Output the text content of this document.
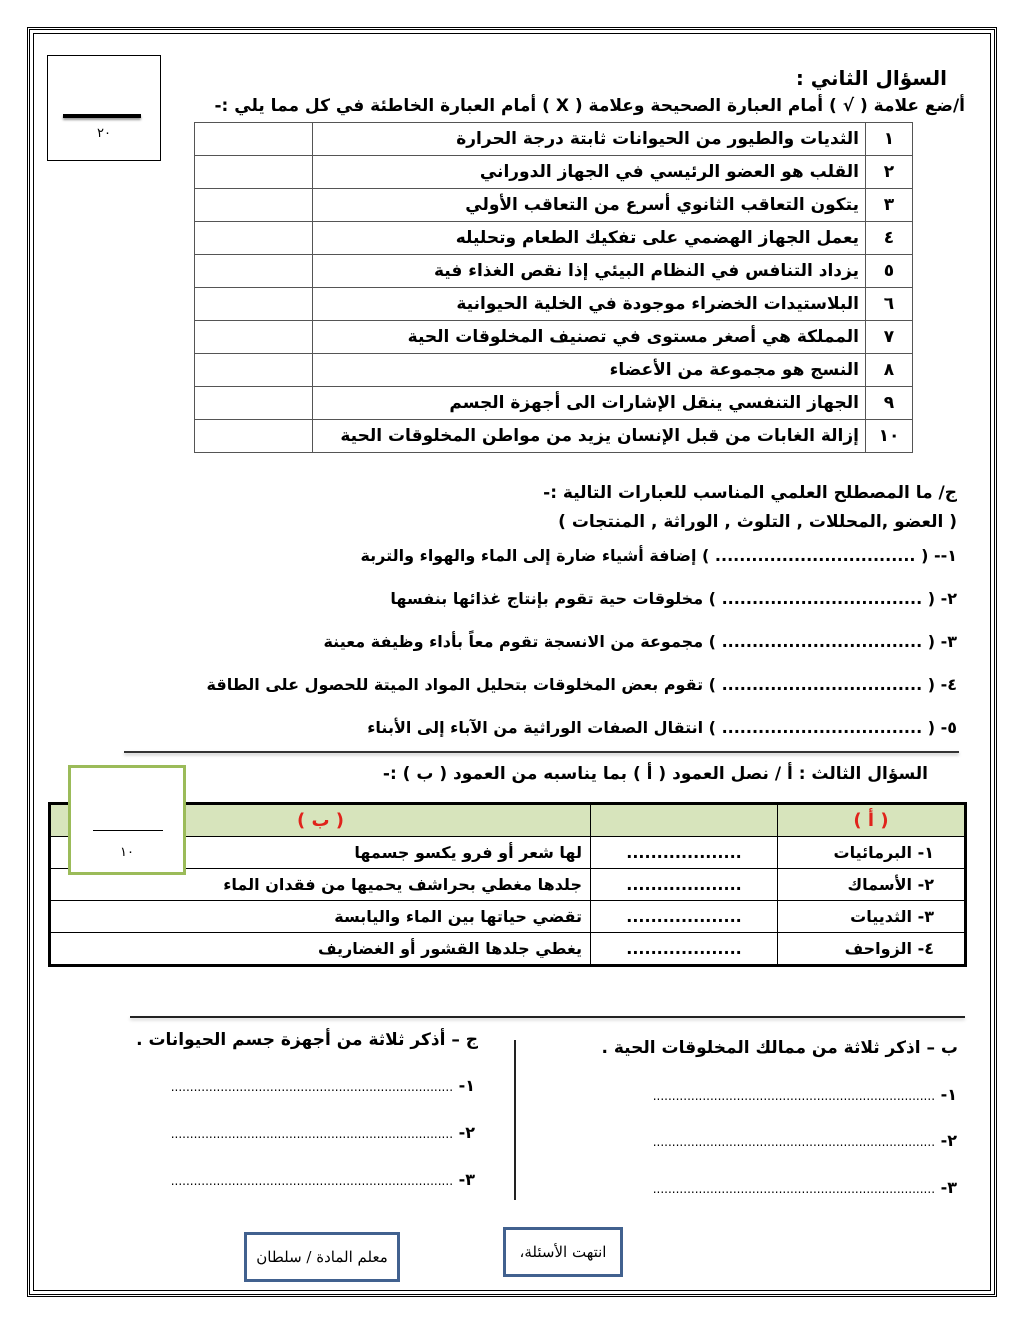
٢٠
السؤال الثاني :
أ/ضع علامة ( √ ) أمام العبارة الصحيحة وعلامة ( X ) أمام العبارة الخاطئة في كل مما يلي :-
١	الثديات والطيور من الحيوانات ثابتة درجة الحرارة	
٢	القلب هو العضو الرئيسي في الجهاز الدوراني	
٣	يتكون التعاقب الثانوي أسرع من التعاقب الأولي	
٤	يعمل الجهاز الهضمي على تفكيك الطعام وتحليله	
٥	يزداد التنافس في النظام البيئي إذا نقص الغذاء فية	
٦	البلاستيدات الخضراء موجودة في الخلية الحيوانية	
٧	المملكة هي أصغر مستوى في تصنيف المخلوقات الحية	
٨	النسج هو مجموعة من الأعضاء	
٩	الجهاز التنفسي ينقل الإشارات الى أجهزة الجسم	
١٠	إزالة الغابات من قبل الإنسان يزيد من مواطن المخلوقات الحية	
ج/ ما المصطلح العلمي المناسب للعبارات التالية :-
( العضو ,المحللات , التلوث , الوراثة , المنتجات )
١-- ( ................................. ) إضافة أشياء ضارة إلى الماء والهواء والتربة
٢- ( ................................. ) مخلوقات حية تقوم بإنتاج غذائها بنفسها
٣- ( ................................. ) مجموعة من الانسجة تقوم معاً بأداء وظيفة معينة
٤- ( ................................. ) تقوم بعض المخلوقات بتحليل المواد الميتة للحصول على الطاقة
٥- ( ................................. ) انتقال الصفات الوراثية من الآباء إلى الأبناء
السؤال الثالث : أ / نصل العمود ( أ ) بما يناسبه من العمود ( ب ) :-
( أ )		( ب )
١- البرمائيات	...................	لها شعر أو فرو يكسو جسمها
٢- الأسماك	...................	جلدها مغطي بحراشف يحميها من فقدان الماء
٣- الثدييات	...................	تقضي حياتها بين الماء واليابسة
٤- الزواحف	...................	يغطي جلدها القشور أو الغضاريف
١٠
ب – اذكر ثلاثة من ممالك المخلوقات الحية .
ج – أذكر ثلاثة من أجهزة جسم الحيوانات .
١- ..........................................................................
٢- ..........................................................................
٣- ..........................................................................
١- ..........................................................................
٢- ..........................................................................
٣- ..........................................................................
انتهت الأسئلة،
معلم المادة / سلطان
